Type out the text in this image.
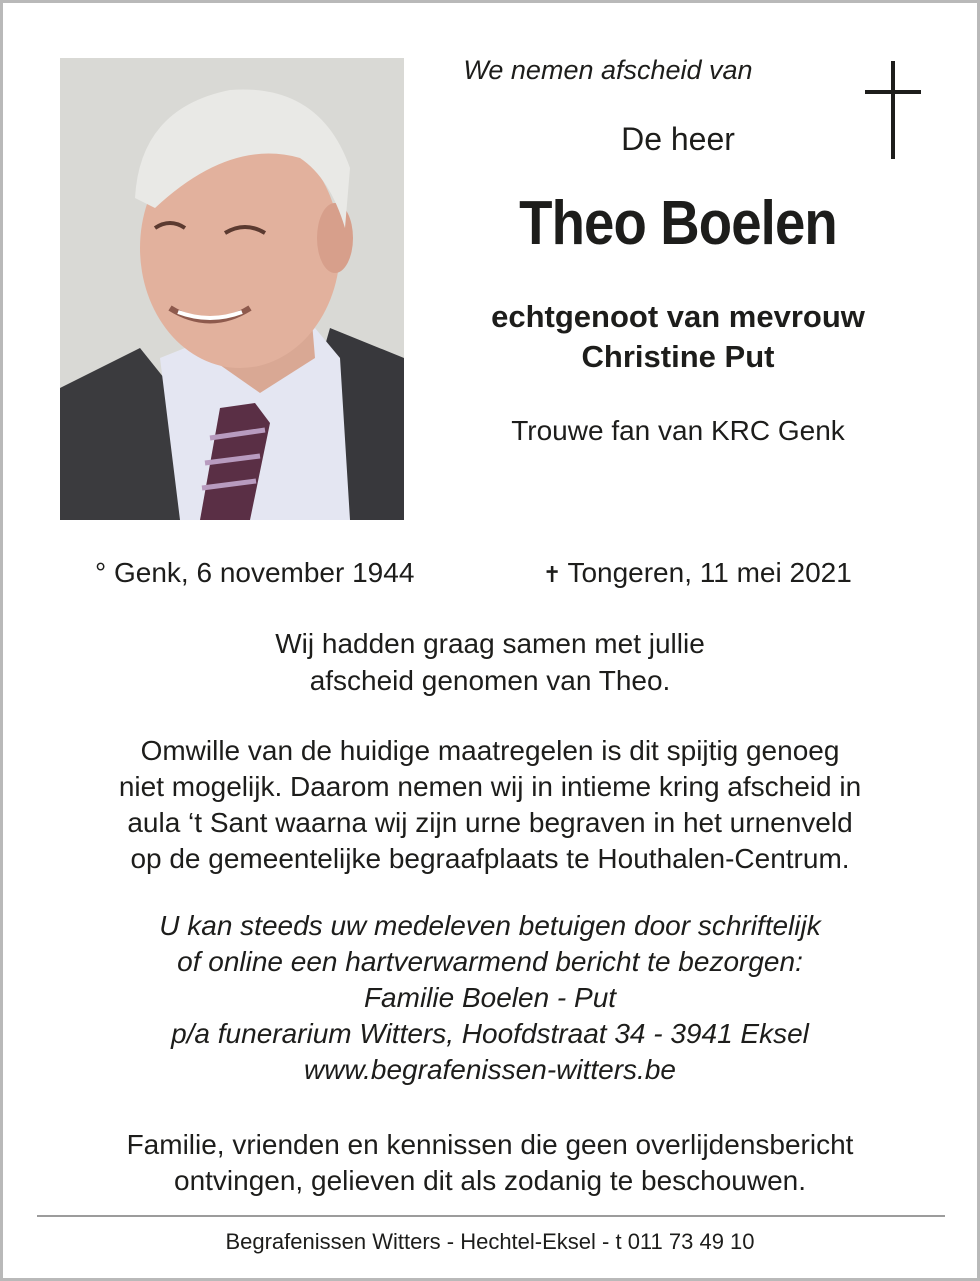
We nemen afscheid van

De heer

Theo Boelen

echtgenoot van mevrouw
Christine Put

Trouwe fan van KRC Genk

° Genk, 6 november 1944	✝ Tongeren, 11 mei 2021

Wij hadden graag samen met jullie
afscheid genomen van Theo.

Omwille van de huidige maatregelen is dit spijtig genoeg
niet mogelijk. Daarom nemen wij in intieme kring afscheid in
aula ‘t Sant waarna wij zijn urne begraven in het urnenveld
op de gemeentelijke begraafplaats te Houthalen-Centrum.

U kan steeds uw medeleven betuigen door schriftelijk
of online een hartverwarmend bericht te bezorgen:
Familie Boelen - Put
p/a funerarium Witters, Hoofdstraat 34 - 3941 Eksel
www.begrafenissen-witters.be

Familie, vrienden en kennissen die geen overlijdensbericht
ontvingen, gelieven dit als zodanig te beschouwen.

Begrafenissen Witters - Hechtel-Eksel - t 011 73 49 10
